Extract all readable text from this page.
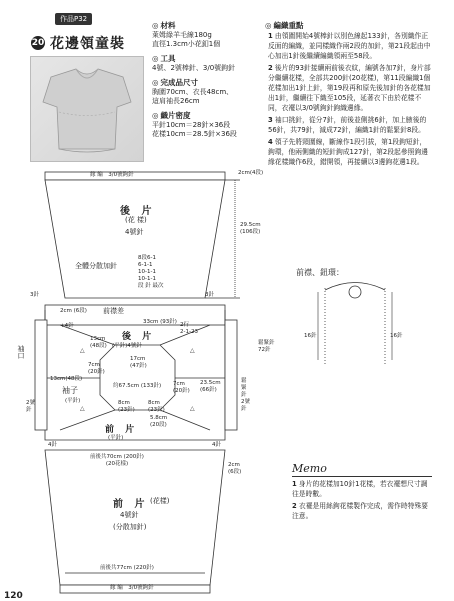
作品P32
20 花邊領童裝
◎ 材料
萊姆綠羊毛線180g
直徑1.3cm小花釦1個
◎ 工具
4號、2號棒針、3/0號鉤針
◎ 完成品尺寸
胸圍70cm、衣長48cm、
這肩袖長26cm
◎ 織片密度
平針10cm＝28針×36段
花樣10cm＝28.5針×36段
◎ 編織重點
1 由領圍開始4號棒針以別色線起133針，各別織作正反面的編織，並同樣織作兩2段的加針，第21段起由中心加出1針後繼續編織領兩至58段。
2 後片的93針接續兩前後衣紋，編號各加7針，身片部分繼續花樣，全部共200針(20花樣)，第11段編織1個花樣加出1針上針，第19段再和原先後加針的各花樣加出1針，繼續往下織至105段，延著衣下由於花樣不同，衣襬以3/0號鉤針鉤織邊緣。
3 袖口挑針，從分7針，前後並側挑6針，加上腋後的56針，共79針，減成72針，編織1針的鬆緊針8段。
4 領子先將頸圍線，斷線作1段引拔，第1段鉤短針，鉤環，他兩側織的短針鉤成127針，第2段起參照鉤邊緣花樣織作6段，錯開領，再接續以3邊鉤花邊1段。
△	△
△	△
緣 編　3/0號鉤針	2cm(4段)
後 片
(花 樣)
4號針
全體分散加針
8段6-1
6-1-1
10-1-1
10-1-1
段 針 最次
29.5cm
(106段)
3針	3針
2cm (6段) 前襟差
33cm (93針)
+4針
後 片
(平針)4號針
13cm
(48段)
17cm
(47針)
2行
2-1-23
袖口
2號
針
袖子
(平針)
13cm(48段)
7cm
(20針)
約67.5cm (133針) 7cm
(20針)
8cm
(23針)
8cm
(23針)
5.8cm
(20段)
23.5cm
(66針)
鬆緊針
72針
鬆
緊
針
2號
針
前 片
(平針)
前後共70cm (200針)
(20花樣)
4針	4針
2cm
(6段)
前 片 (花樣)
4號針
(分散加針)
前後共77cm (220針)
緣 編　3/0號鉤針
前襟、鈕環：
16針	16針
Memo
1 身片的花樣加10針1花樣，若衣襬想尺寸調往是時數。
2 衣襬是用絲鉤花樣製作完成，需作時特殊要注意。
120
